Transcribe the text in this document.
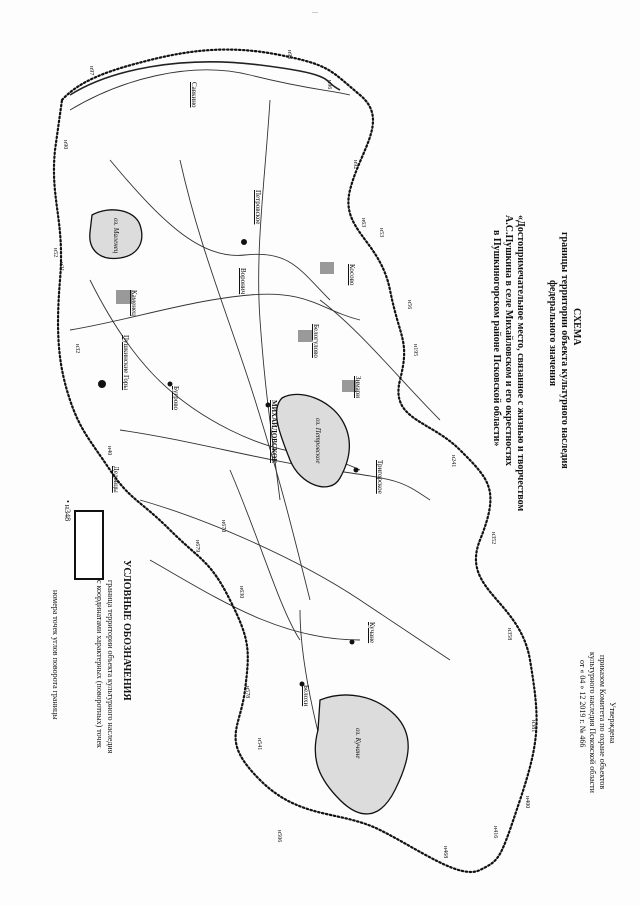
—
Утверждена
приказом Комитета по охране объектов
культурного наследия Псковской области
от « 04 » 12 2019 г. № 466
СХЕМА
границы территории объекта культурного наследия
федерального значения
«Достопримечательное место, связанное с жизнью и творчеством
А.С.Пушкина в селе Михайловском и его окрестностях
в Пушкиногорском районе Псковской области»
УСЛОВНЫЕ ОБОЗНАЧЕНИЯ
граница территории объекта культурного наследия
с координатами характерных (поворотных) точек
• н348
номера точек углов поворота границы
МИХАЙЛОВСКОЕ
Тригорское
Петровское
Пушкинские Горы
Воронич
Зимари
Косово
Савкино
Кучане
Белогулово
Бугрово
Каменец
Белохи
Дедовцы
оз. Маленец
оз. Петровское
оз. Кучане
н97
н95
н96
н92
н90
н63
н53
н52
н56
н195
н241
н352
н358
н381
н400
н416
н468
н506
н541
н578
н630
н670
н679
н40
н32
н21
